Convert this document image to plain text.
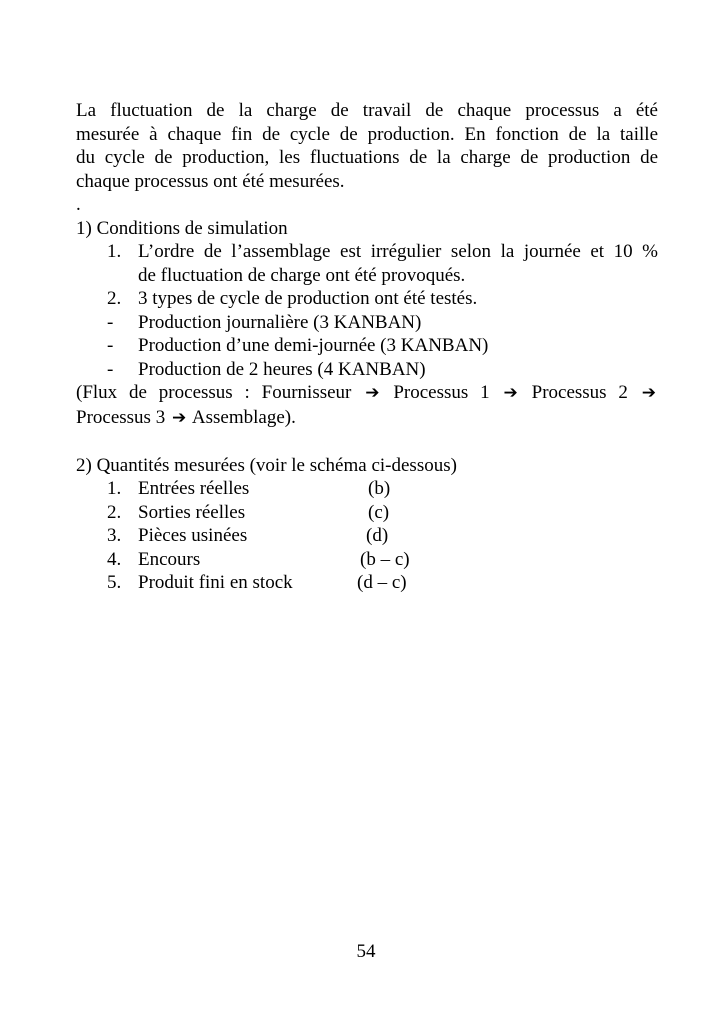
La fluctuation de la charge de travail de chaque processus a été
mesurée à chaque fin de cycle de production. En fonction de la taille
du cycle de production, les fluctuations de la charge de production de
chaque processus ont été mesurées.

.

1) Conditions de simulation

1. L’ordre de l’assemblage est irrégulier selon la journée et 10 %
de fluctuation de charge ont été provoqués.
2. 3 types de cycle de production ont été testés.
-	Production journalière (3 KANBAN)
-	Production d’une demi-journée (3 KANBAN)
-	Production de 2 heures (4 KANBAN)
(Flux de processus : Fournisseur ➔ Processus 1 ➔ Processus 2 ➔
Processus 3 ➔ Assemblage).

2) Quantités mesurées (voir le schéma ci-dessous)

1. Entrées réelles	(b)
2. Sorties réelles	(c)
3. Pièces usinées	(d)
4. Encours	(b – c)
5. Produit fini en stock	(d – c)
54
